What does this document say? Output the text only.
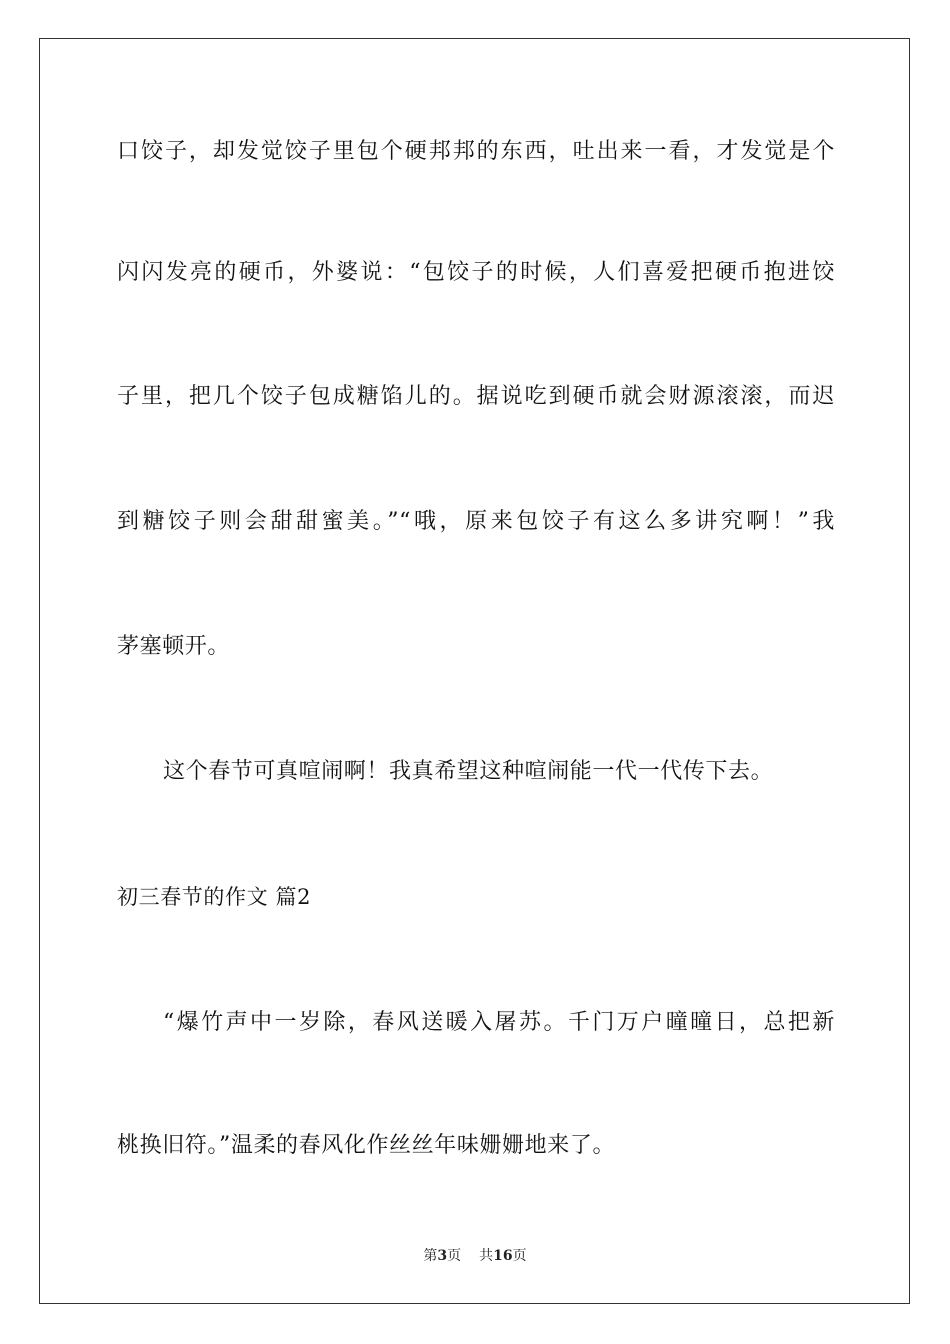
口饺子，却发觉饺子里包个硬邦邦的东西，吐出来一看，才发觉是个
闪闪发亮的硬币，外婆说：“包饺子的时候，人们喜爱把硬币抱进饺
子里，把几个饺子包成糖馅儿的。据说吃到硬币就会财源滚滚，而迟
到糖饺子则会甜甜蜜美。”“哦，原来包饺子有这么多讲究啊！”我
茅塞顿开。
这个春节可真喧闹啊！我真希望这种喧闹能一代一代传下去。
初三春节的作文 篇2
“爆竹声中一岁除，春风送暖入屠苏。千门万户曈曈日，总把新
桃换旧符。”温柔的春风化作丝丝年味姗姗地来了。
第3页 共16页
